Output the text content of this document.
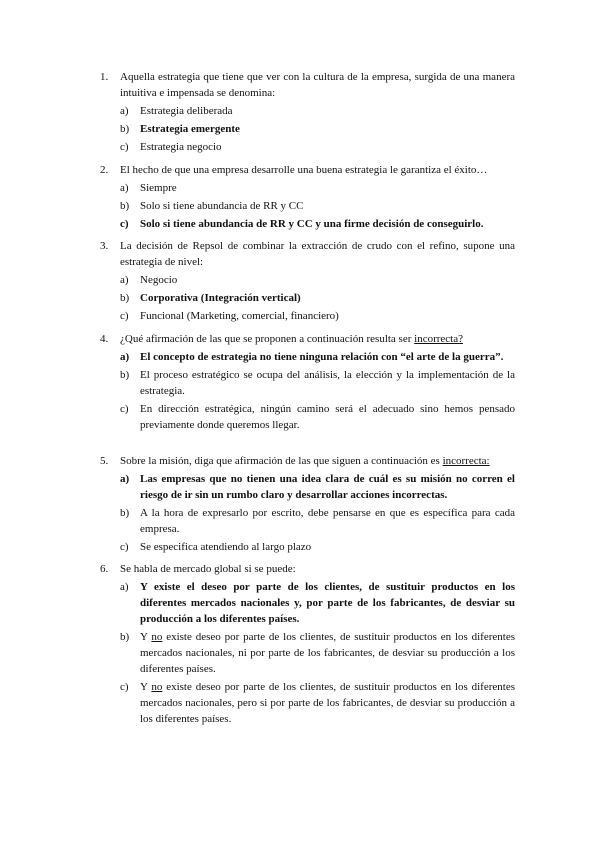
1. Aquella estrategia que tiene que ver con la cultura de la empresa, surgida de una manera intuitiva e impensada se denomina:
a) Estrategia deliberada
b) Estrategia emergente
c) Estrategia negocio
2. El hecho de que una empresa desarrolle una buena estrategia le garantiza el éxito…
a) Siempre
b) Solo si tiene abundancia de RR y CC
c) Solo si tiene abundancia de RR y CC y una firme decisión de conseguirlo.
3. La decisión de Repsol de combinar la extracción de crudo con el refino, supone una estrategia de nivel:
a) Negocio
b) Corporativa (Integración vertical)
c) Funcional (Marketing, comercial, financiero)
4. ¿Qué afirmación de las que se proponen a continuación resulta ser incorrecta?
a) El concepto de estrategia no tiene ninguna relación con “el arte de la guerra”.
b) El proceso estratégico se ocupa del análisis, la elección y la implementación de la estrategia.
c) En dirección estratégica, ningún camino será el adecuado sino hemos pensado previamente donde queremos llegar.
5. Sobre la misión, diga que afirmación de las que siguen a continuación es incorrecta:
a) Las empresas que no tienen una idea clara de cuál es su misión no corren el riesgo de ir sin un rumbo claro y desarrollar acciones incorrectas.
b) A la hora de expresarlo por escrito, debe pensarse en que es específica para cada empresa.
c) Se especifica atendiendo al largo plazo
6. Se habla de mercado global si se puede:
a) Y existe el deseo por parte de los clientes, de sustituir productos en los diferentes mercados nacionales y, por parte de los fabricantes, de desviar su producción a los diferentes países.
b) Y no existe deseo por parte de los clientes, de sustituir productos en los diferentes mercados nacionales, ni por parte de los fabricantes, de desviar su producción a los diferentes países.
c) Y no existe deseo por parte de los clientes, de sustituir productos en los diferentes mercados nacionales, pero si por parte de los fabricantes, de desviar su producción a los diferentes países.
